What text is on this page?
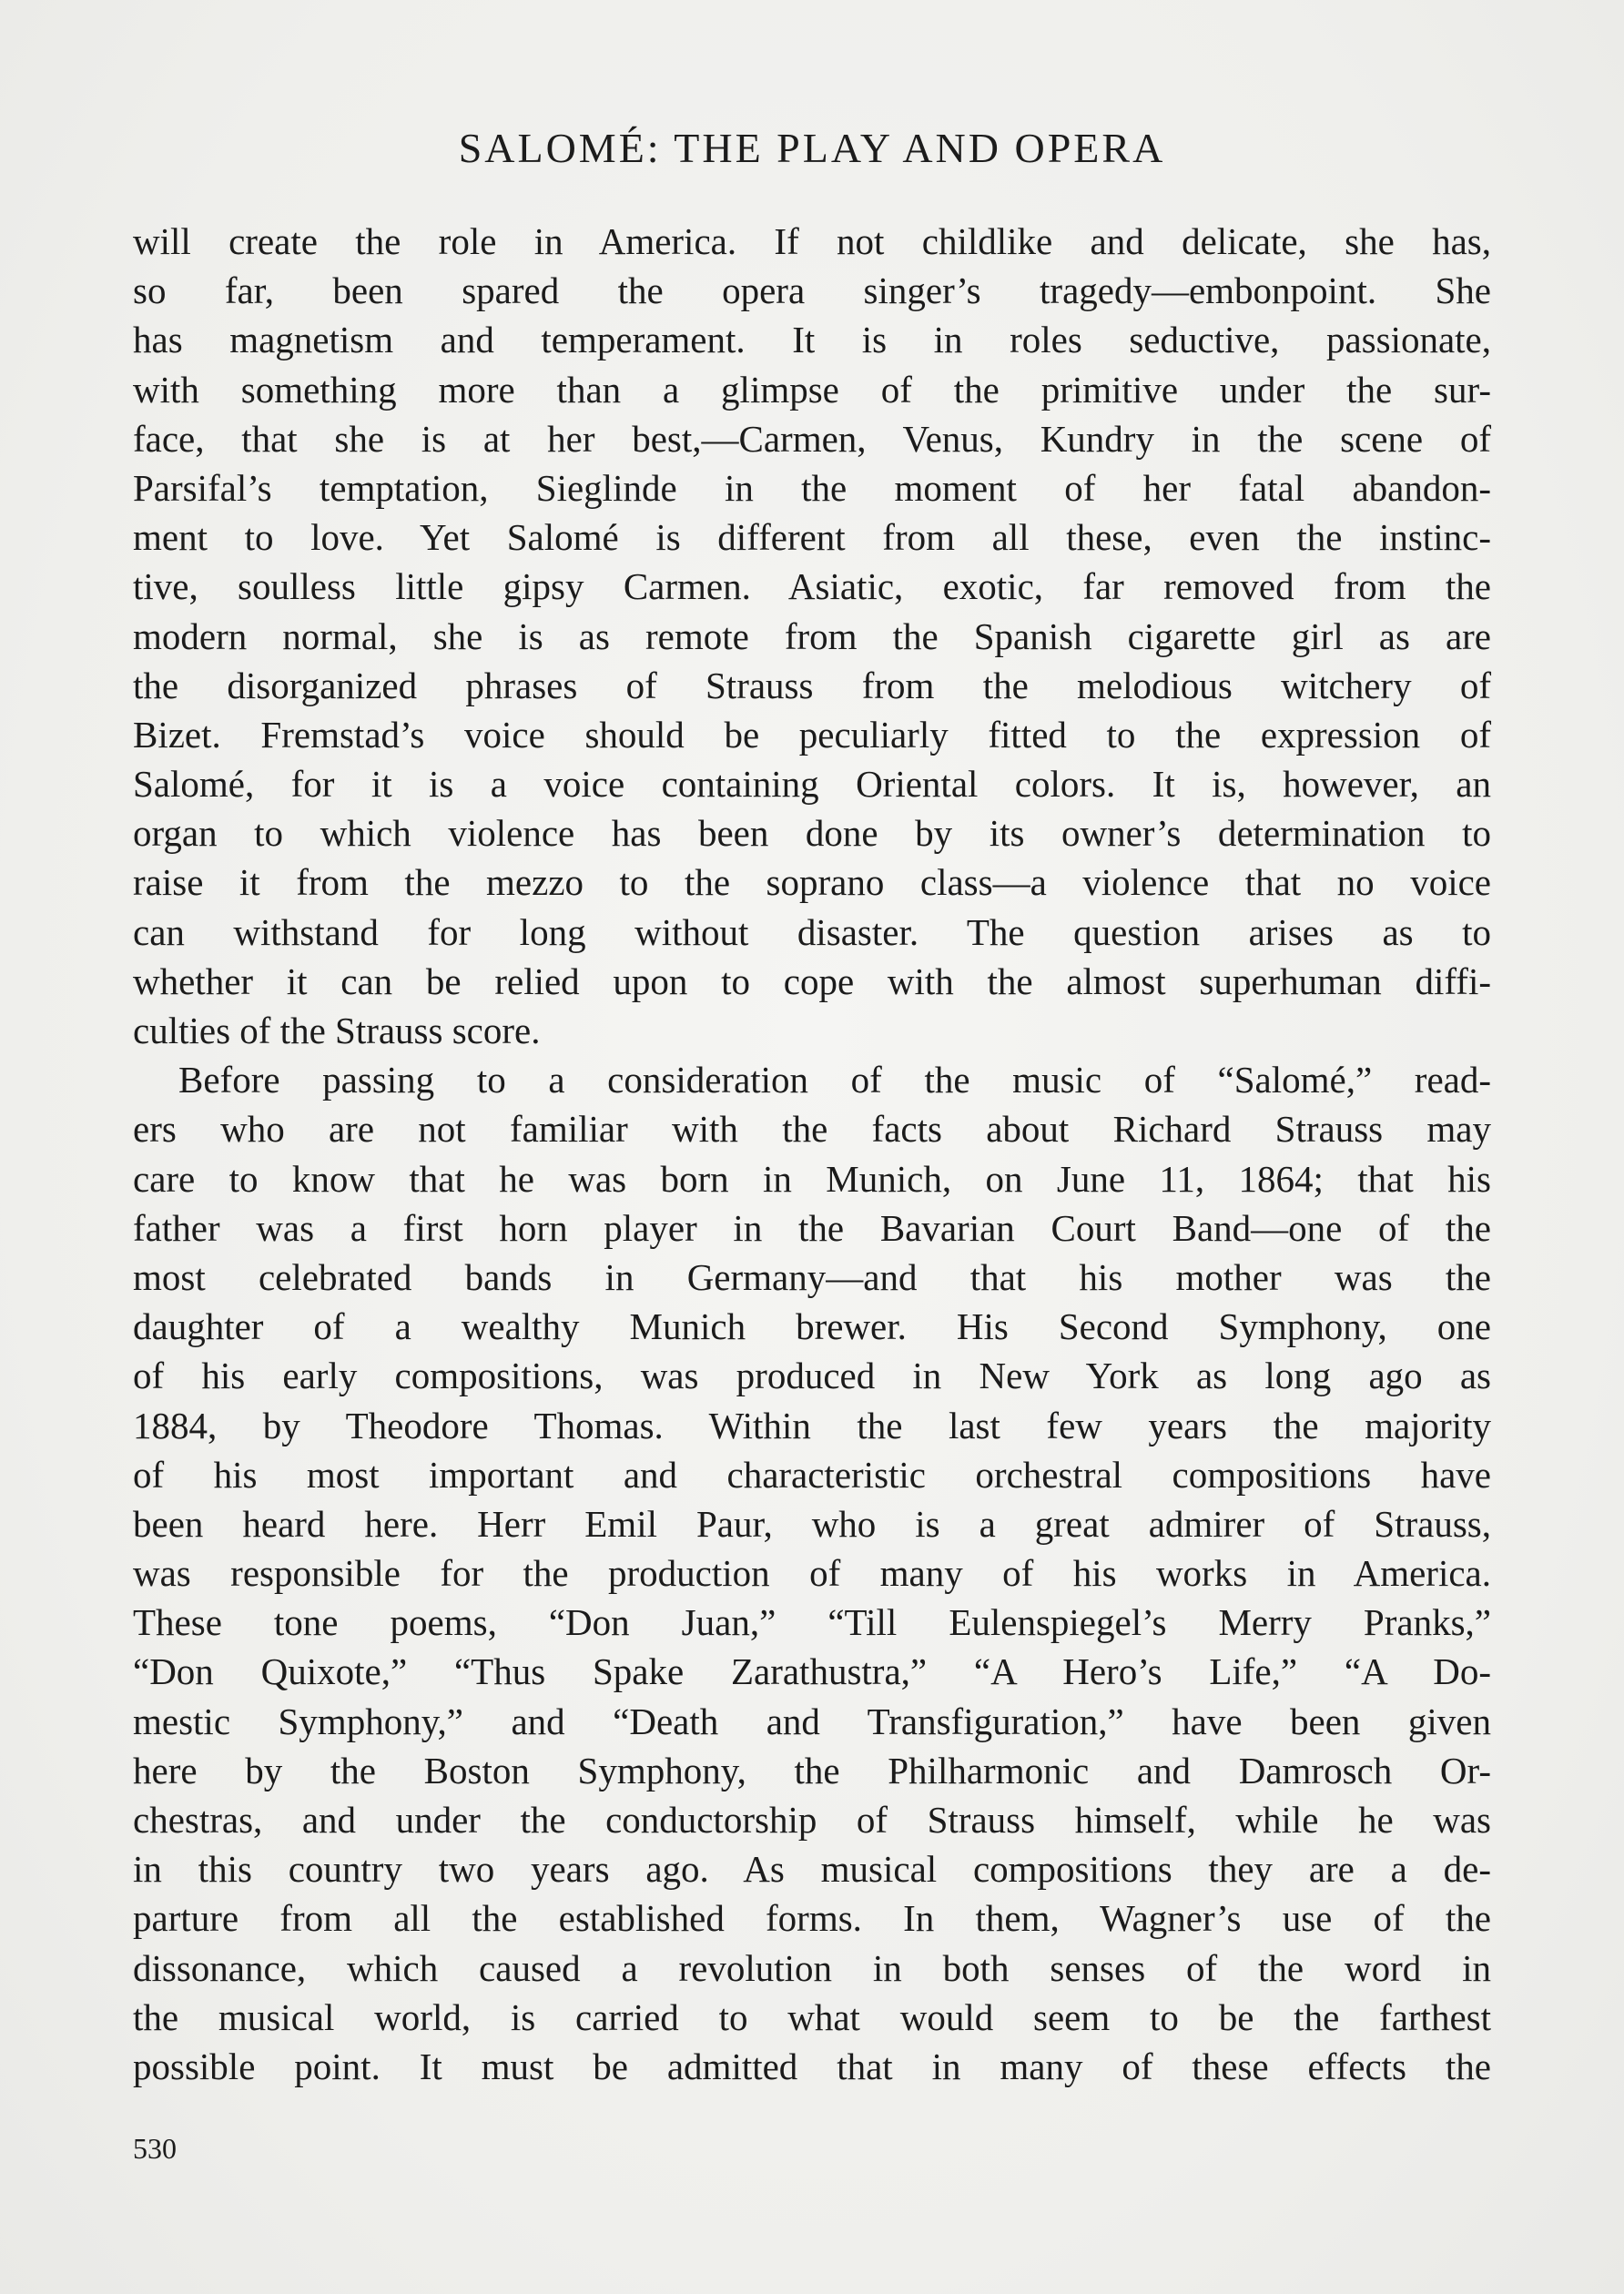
SALOMÉ: THE PLAY AND OPERA
will create the role in America. If not childlike and delicate, she has,
so far, been spared the opera singer’s tragedy—embonpoint. She
has magnetism and temperament. It is in roles seductive, passionate,
with something more than a glimpse of the primitive under the sur-
face, that she is at her best,—Carmen, Venus, Kundry in the scene of
Parsifal’s temptation, Sieglinde in the moment of her fatal abandon-
ment to love. Yet Salomé is different from all these, even the instinc-
tive, soulless little gipsy Carmen. Asiatic, exotic, far removed from the
modern normal, she is as remote from the Spanish cigarette girl as are
the disorganized phrases of Strauss from the melodious witchery of
Bizet. Fremstad’s voice should be peculiarly fitted to the expression of
Salomé, for it is a voice containing Oriental colors. It is, however, an
organ to which violence has been done by its owner’s determination to
raise it from the mezzo to the soprano class—a violence that no voice
can withstand for long without disaster. The question arises as to
whether it can be relied upon to cope with the almost superhuman diffi-
culties of the Strauss score.
Before passing to a consideration of the music of “Salomé,” read-
ers who are not familiar with the facts about Richard Strauss may
care to know that he was born in Munich, on June 11, 1864; that his
father was a first horn player in the Bavarian Court Band—one of the
most celebrated bands in Germany—and that his mother was the
daughter of a wealthy Munich brewer. His Second Symphony, one
of his early compositions, was produced in New York as long ago as
1884, by Theodore Thomas. Within the last few years the majority
of his most important and characteristic orchestral compositions have
been heard here. Herr Emil Paur, who is a great admirer of Strauss,
was responsible for the production of many of his works in America.
These tone poems, “Don Juan,” “Till Eulenspiegel’s Merry Pranks,”
“Don Quixote,” “Thus Spake Zarathustra,” “A Hero’s Life,” “A Do-
mestic Symphony,” and “Death and Transfiguration,” have been given
here by the Boston Symphony, the Philharmonic and Damrosch Or-
chestras, and under the conductorship of Strauss himself, while he was
in this country two years ago. As musical compositions they are a de-
parture from all the established forms. In them, Wagner’s use of the
dissonance, which caused a revolution in both senses of the word in
the musical world, is carried to what would seem to be the farthest
possible point. It must be admitted that in many of these effects the
530
